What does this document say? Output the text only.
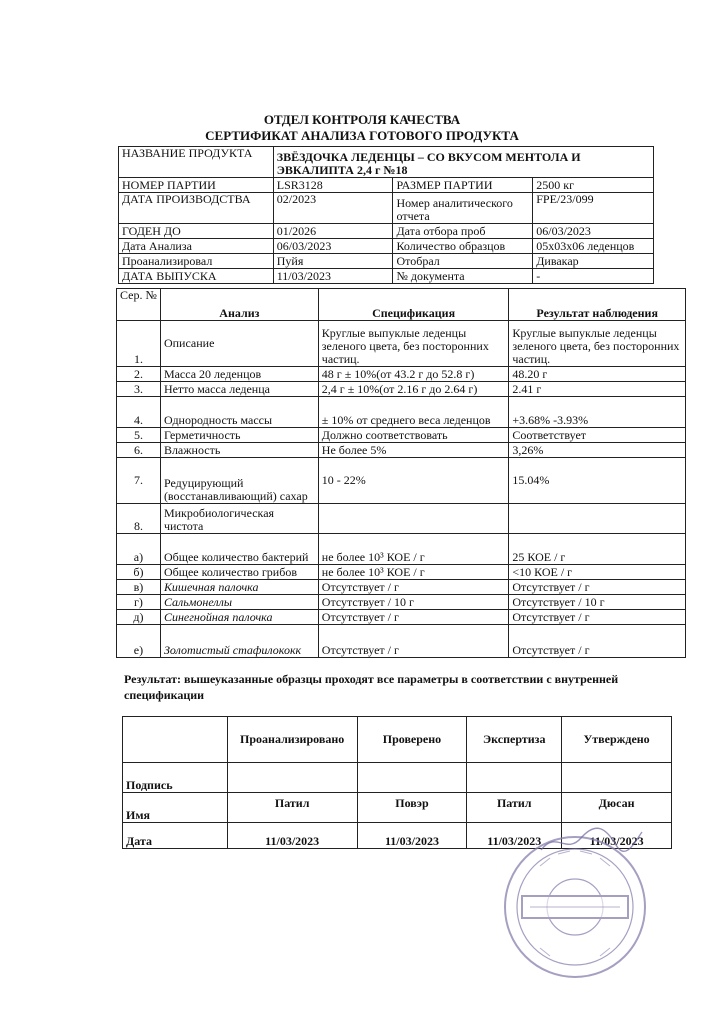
ОТДЕЛ КОНТРОЛЯ КАЧЕСТВА
СЕРТИФИКАТ АНАЛИЗА ГОТОВОГО ПРОДУКТА
НАЗВАНИЕ ПРОДУКТА	ЗВЁЗДОЧКА ЛЕДЕНЦЫ – СО ВКУСОМ МЕНТОЛА И ЭВКАЛИПТА 2,4 г №18		
НОМЕР ПАРТИИ	LSR3128	РАЗМЕР ПАРТИИ	2500 кг
ДАТА ПРОИЗВОДСТВА	02/2023	Номер аналитического отчета	FPE/23/099
ГОДЕН ДО	01/2026	Дата отбора проб	06/03/2023
Дата Анализа	06/03/2023	Количество образцов	05х03х06 леденцов
Проанализировал	Пуйя	Отобрал	Дивакар
ДАТА ВЫПУСКА	11/03/2023	№ документа	-
Сер. №	Анализ	Спецификация	Результат наблюдения
1.	Описание	Круглые выпуклые леденцы зеленого цвета, без посторонних частиц.	Круглые выпуклые леденцы зеленого цвета, без посторонних частиц.
2.	Масса 20 леденцов	48 г ± 10%(от 43.2 г до 52.8 г)	48.20 г
3.	Нетто масса леденца	2,4 г ± 10%(от 2.16 г до 2.64 г)	2.41 г
4.	Однородность массы	± 10% от среднего веса леденцов	+3.68% -3.93%
5.	Герметичность	Должно соответствовать	Соответствует
6.	Влажность	Не более 5%	3,26%
7.	Редуцирующий (восстанавливающий) сахар	10 - 22%	15.04%
8.	Микробиологическая чистота		
а)	Общее количество бактерий	не более 10³ КОЕ / г	25 КОЕ / г
б)	Общее количество грибов	не более 10³ КОЕ / г	<10 КОЕ / г
в)	Кишечная палочка	Отсутствует / г	Отсутствует / г
г)	Сальмонеллы	Отсутствует / 10 г	Отсутствует / 10 г
д)	Синегнойная палочка	Отсутствует / г	Отсутствует / г
е)	Золотистый стафилококк	Отсутствует / г	Отсутствует / г
Результат: вышеуказанные образцы проходят все параметры в соответствии с внутренней спецификации
	Проанализировано	Проверено	Экспертиза	Утверждено
Подпись				
Имя	Патил	Повэр	Патил	Дюсан
Дата	11/03/2023	11/03/2023	11/03/2023	11/03/2023
